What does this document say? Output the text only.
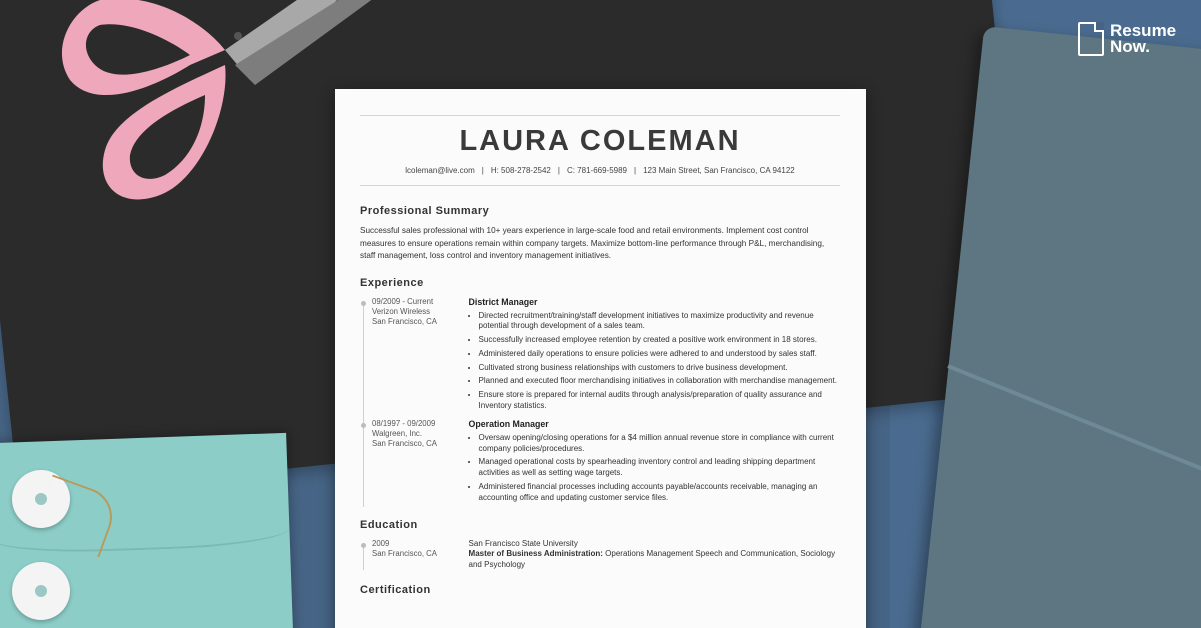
Resume
Now.
LAURA COLEMAN
lcoleman@live.com | H: 508-278-2542 | C: 781-669-5989 | 123 Main Street, San Francisco, CA 94122
Professional Summary
Successful sales professional with 10+ years experience in large-scale food and retail environments. Implement cost control measures to ensure operations remain within company targets. Maximize bottom-line performance through P&L, merchandising, staff management, loss control and inventory management initiatives.
Experience
09/2009 - Current
Verizon Wireless
San Francisco, CA
District Manager
• Directed recruitment/training/staff development initiatives to maximize productivity and revenue potential through development of a sales team.
• Successfully increased employee retention by created a positive work environment in 18 stores.
• Administered daily operations to ensure policies were adhered to and understood by sales staff.
• Cultivated strong business relationships with customers to drive business development.
• Planned and executed floor merchandising initiatives in collaboration with merchandise management.
• Ensure store is prepared for internal audits through analysis/preparation of quality assurance and Inventory statistics.
08/1997 - 09/2009
Walgreen, Inc.
San Francisco, CA
Operation Manager
• Oversaw opening/closing operations for a $4 million annual revenue store in compliance with current company policies/procedures.
• Managed operational costs by spearheading inventory control and leading shipping department activities as well as setting wage targets.
• Administered financial processes including accounts payable/accounts receivable, managing an accounting office and updating customer service files.
Education
2009
San Francisco, CA
San Francisco State University
Master of Business Administration: Operations Management Speech and Communication, Sociology and Psychology
Certification
